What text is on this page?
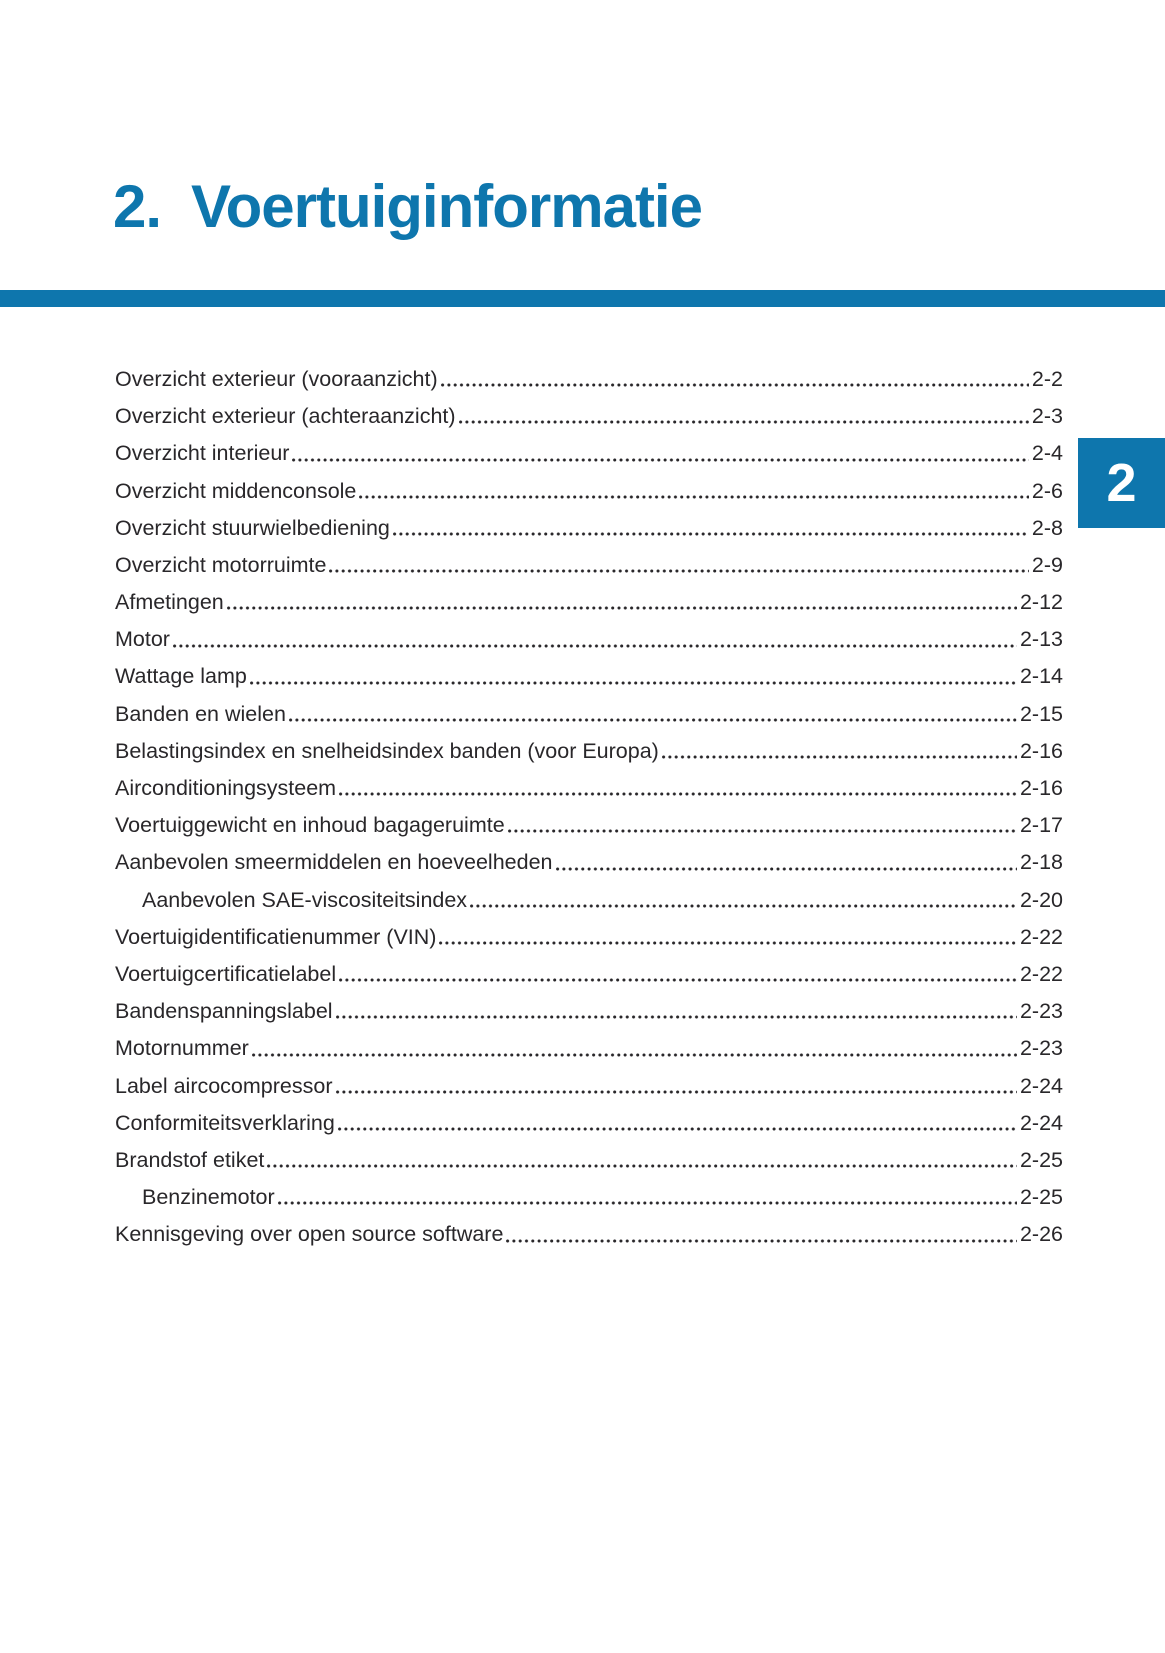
2. Voertuiginformatie
2
Overzicht exterieur (vooraanzicht)	2-2
Overzicht exterieur (achteraanzicht)	2-3
Overzicht interieur	2-4
Overzicht middenconsole	2-6
Overzicht stuurwielbediening	2-8
Overzicht motorruimte	2-9
Afmetingen	2-12
Motor	2-13
Wattage lamp	2-14
Banden en wielen	2-15
Belastingsindex en snelheidsindex banden (voor Europa)	2-16
Airconditioningsysteem	2-16
Voertuiggewicht en inhoud bagageruimte	2-17
Aanbevolen smeermiddelen en hoeveelheden	2-18
Aanbevolen SAE-viscositeitsindex	2-20
Voertuigidentificatienummer (VIN)	2-22
Voertuigcertificatielabel	2-22
Bandenspanningslabel	2-23
Motornummer	2-23
Label aircocompressor	2-24
Conformiteitsverklaring	2-24
Brandstof etiket	2-25
Benzinemotor	2-25
Kennisgeving over open source software	2-26
